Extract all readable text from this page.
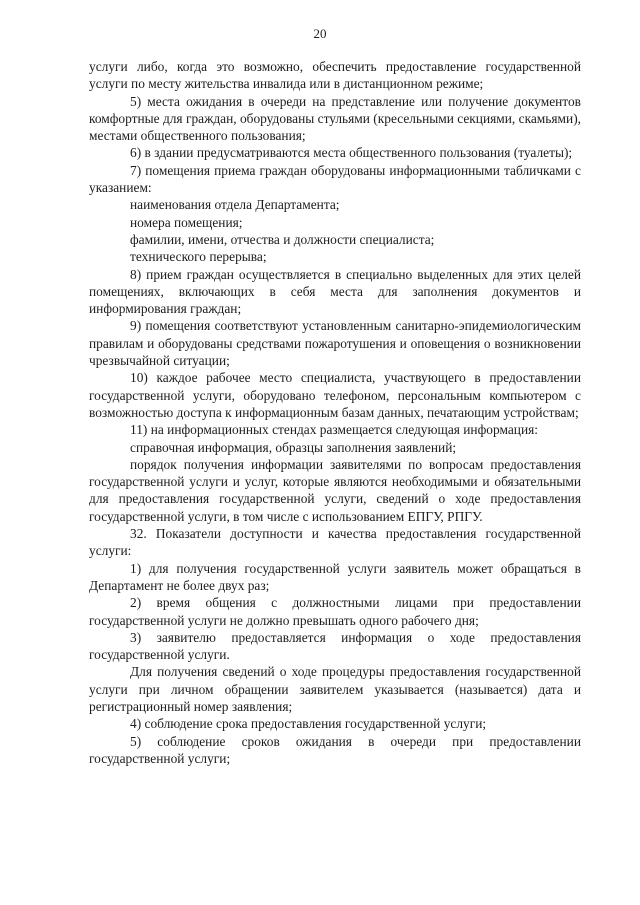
20

услуги либо, когда это возможно, обеспечить предоставление государственной услуги по месту жительства инвалида или в дистанционном режиме;

5) места ожидания в очереди на представление или получение документов комфортные для граждан, оборудованы стульями (кресельными секциями, скамьями), местами общественного пользования;

6) в здании предусматриваются места общественного пользования (туалеты);

7) помещения приема граждан оборудованы информационными табличками с указанием:

наименования отдела Департамента;

номера помещения;

фамилии, имени, отчества и должности специалиста;

технического перерыва;

8) прием граждан осуществляется в специально выделенных для этих целей помещениях, включающих в себя места для заполнения документов и информирования граждан;

9) помещения соответствуют установленным санитарно-эпидемиологическим правилам и оборудованы средствами пожаротушения и оповещения о возникновении чрезвычайной ситуации;

10) каждое рабочее место специалиста, участвующего в предоставлении государственной услуги, оборудовано телефоном, персональным компьютером с возможностью доступа к информационным базам данных, печатающим устройствам;

11) на информационных стендах размещается следующая информация:

справочная информация, образцы заполнения заявлений;

порядок получения информации заявителями по вопросам предоставления государственной услуги и услуг, которые являются необходимыми и обязательными для предоставления государственной услуги, сведений о ходе предоставления государственной услуги, в том числе с использованием ЕПГУ, РПГУ.

32. Показатели доступности и качества предоставления государственной услуги:

1) для получения государственной услуги заявитель может обращаться в Департамент не более двух раз;

2) время общения с должностными лицами при предоставлении государственной услуги не должно превышать одного рабочего дня;

3) заявителю предоставляется информация о ходе предоставления государственной услуги.

Для получения сведений о ходе процедуры предоставления государственной услуги при личном обращении заявителем указывается (называется) дата и регистрационный номер заявления;

4) соблюдение срока предоставления государственной услуги;

5) соблюдение сроков ожидания в очереди при предоставлении государственной услуги;
